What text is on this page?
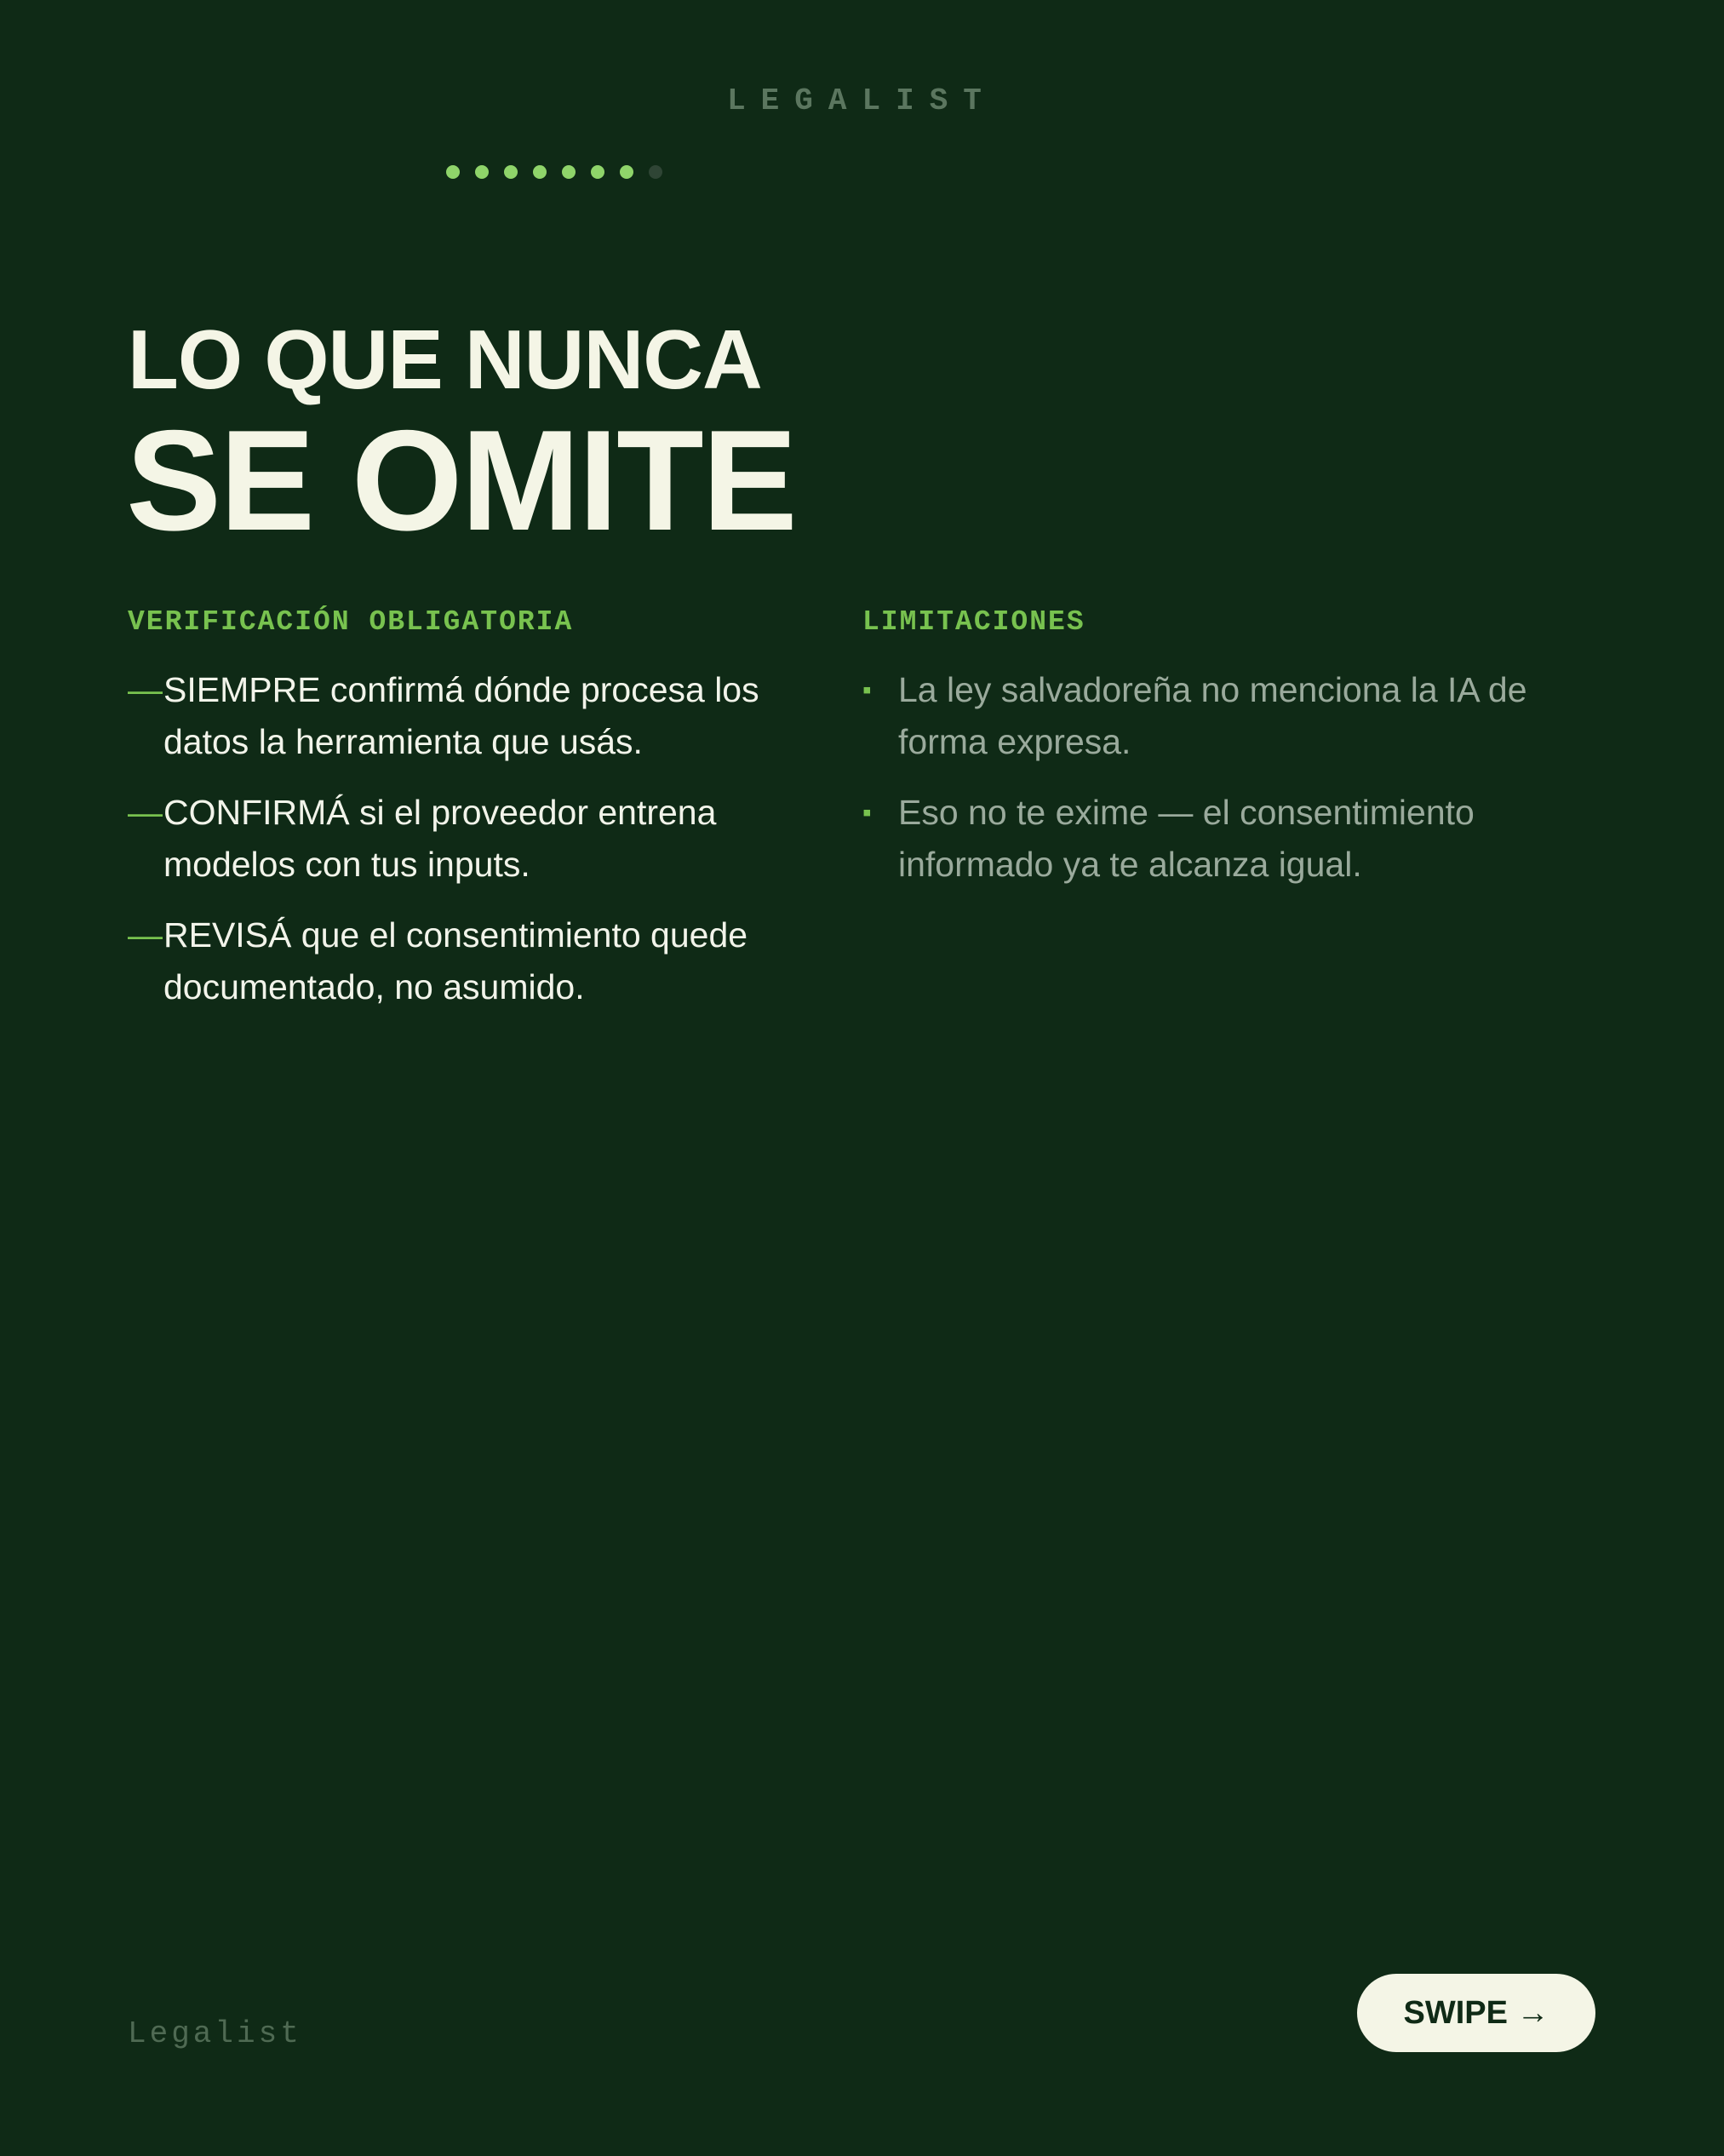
LEGALIST
LO QUE NUNCA
SE OMITE
VERIFICACIÓN OBLIGATORIA
— SIEMPRE confirmá dónde procesa los datos la herramienta que usás.
— CONFIRMÁ si el proveedor entrena modelos con tus inputs.
— REVISÁ que el consentimiento quede documentado, no asumido.
LIMITACIONES
▪ La ley salvadoreña no menciona la IA de forma expresa.
▪ Eso no te exime — el consentimiento informado ya te alcanza igual.
Legalist
SWIPE →
